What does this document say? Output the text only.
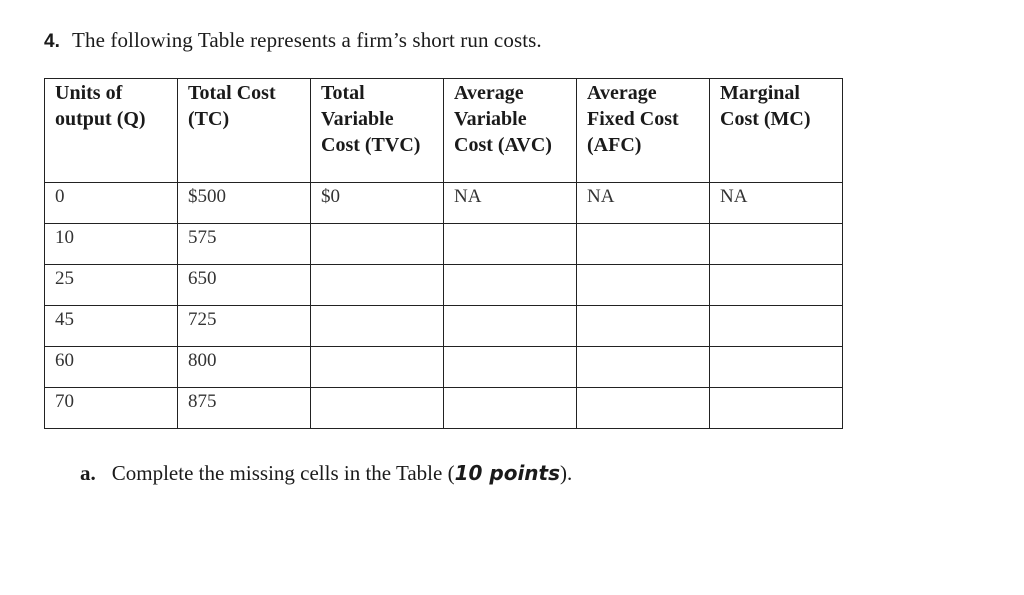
4. The following Table represents a firm’s short run costs.
Units of output (Q)	Total Cost (TC)	Total Variable Cost (TVC)	Average Variable Cost (AVC)	Average Fixed Cost (AFC)	Marginal Cost (MC)
0	$500	$0	NA	NA	NA
10	575				
25	650				
45	725				
60	800				
70	875				
a. Complete the missing cells in the Table (10 points).
